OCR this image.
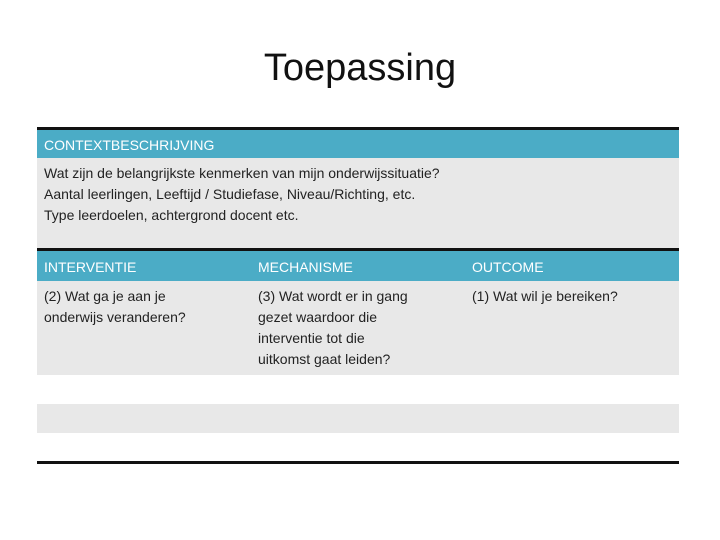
Toepassing
CONTEXTBESCHRIJVING
Wat zijn de belangrijkste kenmerken van mijn onderwijssituatie?
Aantal leerlingen, Leeftijd / Studiefase, Niveau/Richting, etc.
Type leerdoelen, achtergrond docent etc.
INTERVENTIE	MECHANISME	OUTCOME
(2) Wat ga je aan je
onderwijs veranderen?
(3) Wat wordt er in gang
gezet waardoor die
interventie tot die
uitkomst gaat leiden?
(1) Wat wil je bereiken?
